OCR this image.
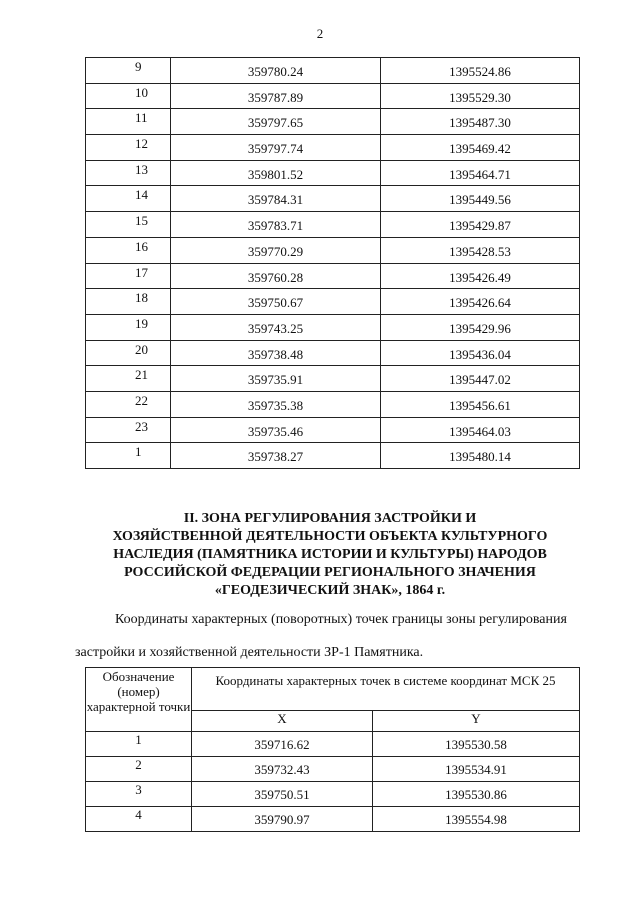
2
9	359780.24	1395524.86
10	359787.89	1395529.30
11	359797.65	1395487.30
12	359797.74	1395469.42
13	359801.52	1395464.71
14	359784.31	1395449.56
15	359783.71	1395429.87
16	359770.29	1395428.53
17	359760.28	1395426.49
18	359750.67	1395426.64
19	359743.25	1395429.96
20	359738.48	1395436.04
21	359735.91	1395447.02
22	359735.38	1395456.61
23	359735.46	1395464.03
1	359738.27	1395480.14
II. ЗОНА РЕГУЛИРОВАНИЯ ЗАСТРОЙКИ И
ХОЗЯЙСТВЕННОЙ ДЕЯТЕЛЬНОСТИ ОБЪЕКТА КУЛЬТУРНОГО
НАСЛЕДИЯ (ПАМЯТНИКА ИСТОРИИ И КУЛЬТУРЫ) НАРОДОВ
РОССИЙСКОЙ ФЕДЕРАЦИИ РЕГИОНАЛЬНОГО ЗНАЧЕНИЯ
«ГЕОДЕЗИЧЕСКИЙ ЗНАК», 1864 г.

Координаты характерных (поворотных) точек границы зоны регулирования

застройки и хозяйственной деятельности ЗР-1 Памятника.

Обозначение (номер) характерной точки	Координаты характерных точек в системе координат МСК 25	
	X	Y
1	359716.62	1395530.58
2	359732.43	1395534.91
3	359750.51	1395530.86
4	359790.97	1395554.98
